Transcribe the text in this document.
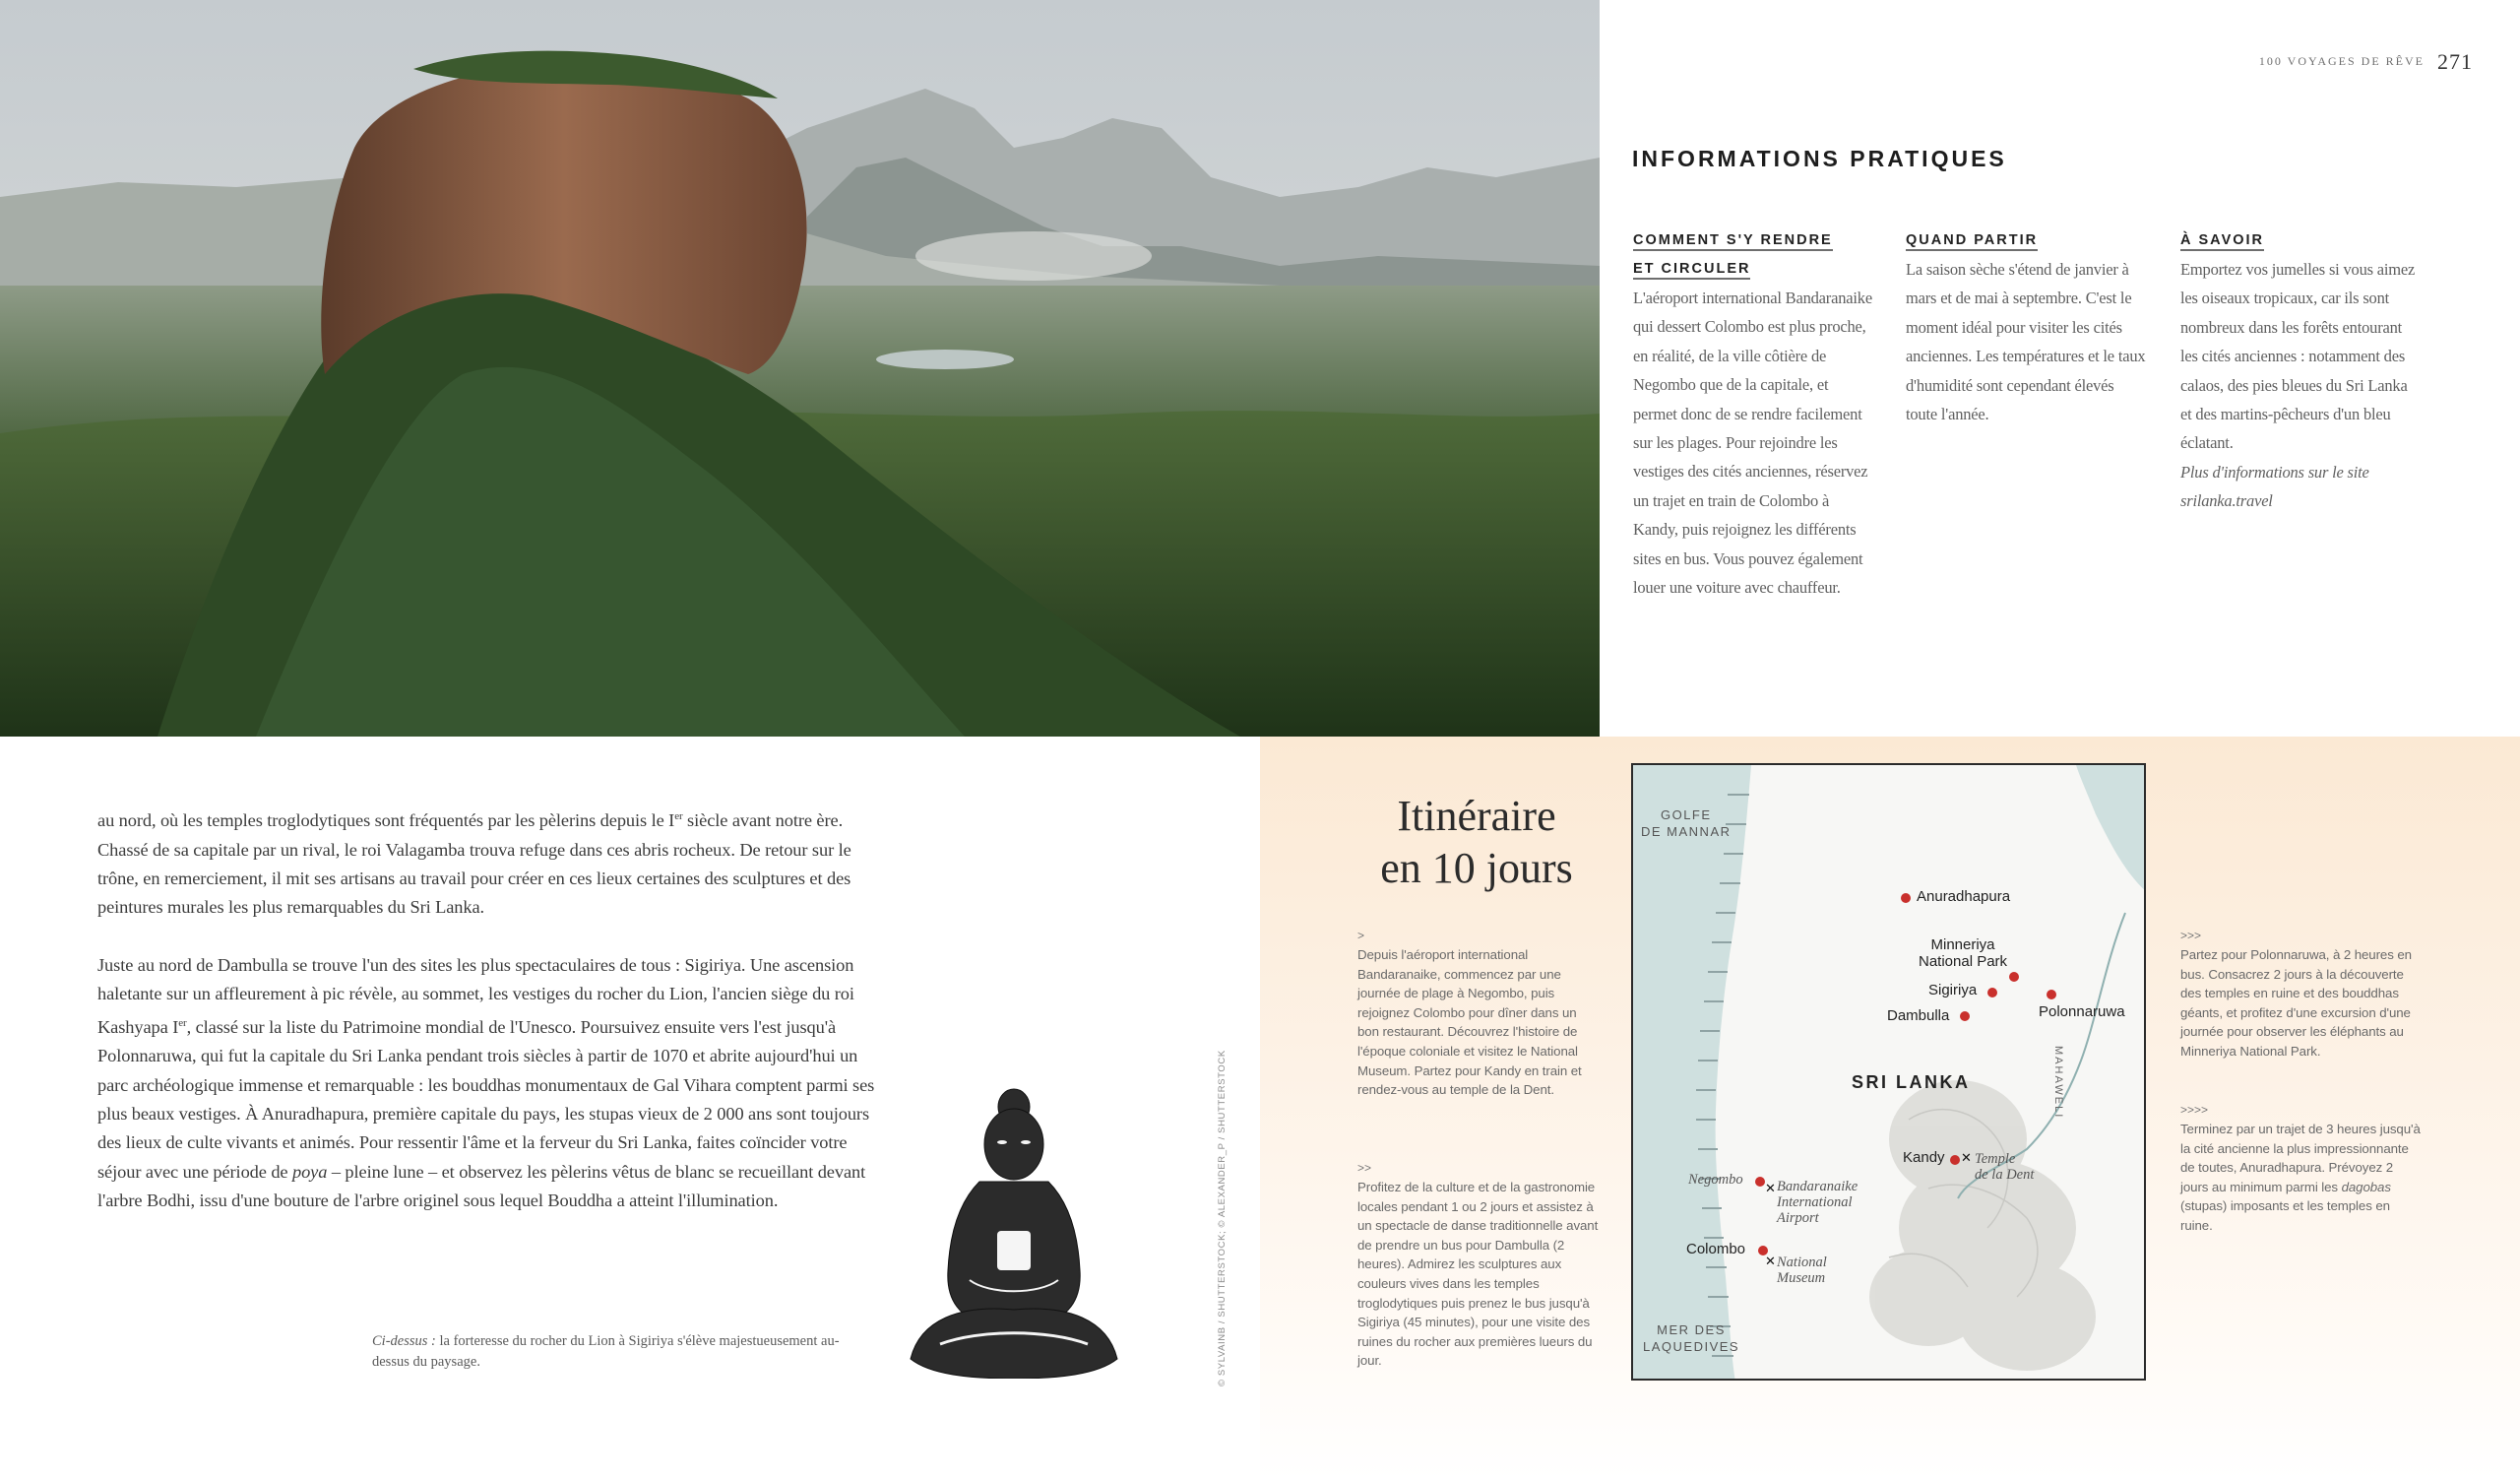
100 VOYAGES DE RÊVE 271
INFORMATIONS PRATIQUES
COMMENT S'Y RENDRE
ET CIRCULER
L'aéroport international Bandaranaike qui dessert Colombo est plus proche, en réalité, de la ville côtière de Negombo que de la capitale, et permet donc de se rendre facilement sur les plages. Pour rejoindre les vestiges des cités anciennes, réservez un trajet en train de Colombo à Kandy, puis rejoignez les différents sites en bus. Vous pouvez également louer une voiture avec chauffeur.
QUAND PARTIR
La saison sèche s'étend de janvier à mars et de mai à septembre. C'est le moment idéal pour visiter les cités anciennes. Les températures et le taux d'humidité sont cependant élevés toute l'année.
À SAVOIR
Emportez vos jumelles si vous aimez les oiseaux tropicaux, car ils sont nombreux dans les forêts entourant les cités anciennes : notamment des calaos, des pies bleues du Sri Lanka et des martins-pêcheurs d'un bleu éclatant.
Plus d'informations sur le site srilanka.travel

au nord, où les temples troglodytiques sont fréquentés par les pèlerins depuis le Ier siècle avant notre ère. Chassé de sa capitale par un rival, le roi Valagamba trouva refuge dans ces abris rocheux. De retour sur le trône, en remerciement, il mit ses artisans au travail pour créer en ces lieux certaines des sculptures et des peintures murales les plus remarquables du Sri Lanka.

Juste au nord de Dambulla se trouve l'un des sites les plus spectaculaires de tous : Sigiriya. Une ascension haletante sur un affleurement à pic révèle, au sommet, les vestiges du rocher du Lion, l'ancien siège du roi Kashyapa Ier, classé sur la liste du Patrimoine mondial de l'Unesco. Poursuivez ensuite vers l'est jusqu'à Polonnaruwa, qui fut la capitale du Sri Lanka pendant trois siècles à partir de 1070 et abrite aujourd'hui un parc archéologique immense et remarquable : les bouddhas monumentaux de Gal Vihara comptent parmi ses plus beaux vestiges. À Anuradhapura, première capitale du pays, les stupas vieux de 2 000 ans sont toujours des lieux de culte vivants et animés. Pour ressentir l'âme et la ferveur du Sri Lanka, faites coïncider votre séjour avec une période de poya – pleine lune – et observez les pèlerins vêtus de blanc se recueillant devant l'arbre Bodhi, issu d'une bouture de l'arbre originel sous lequel Bouddha a atteint l'illumination.

Ci-dessus : la forteresse du rocher du Lion à Sigiriya s'élève majestueusement au-dessus du paysage.	© SYLVAINB / SHUTTERSTOCK; © ALEXANDER_P / SHUTTERSTOCK
Itinéraire
en 10 jours
>
Depuis l'aéroport international Bandaranaike, commencez par une journée de plage à Negombo, puis rejoignez Colombo pour dîner dans un bon restaurant. Découvrez l'histoire de l'époque coloniale et visitez le National Museum. Partez pour Kandy en train et rendez-vous au temple de la Dent.
>>
Profitez de la culture et de la gastronomie locales pendant 1 ou 2 jours et assistez à un spectacle de danse traditionnelle avant de prendre un bus pour Dambulla (2 heures). Admirez les sculptures aux couleurs vives dans les temples troglodytiques puis prenez le bus jusqu'à Sigiriya (45 minutes), pour une visite des ruines du rocher aux premières lueurs du jour.
>>>
Partez pour Polonnaruwa, à 2 heures en bus. Consacrez 2 jours à la découverte des temples en ruine et des bouddhas géants, et profitez d'une excursion d'une journée pour observer les éléphants au Minneriya National Park.
>>>>
Terminez par un trajet de 3 heures jusqu'à la cité ancienne la plus impressionnante de toutes, Anuradhapura. Prévoyez 2 jours au minimum parmi les dagobas (stupas) imposants et les temples en ruine.
GOLFE
DE MANNAR
MER DES
LAQUEDIVES
SRI LANKA	MAHAWELI
Anuradhapura
Minneriya
National Park
Sigiriya
Dambulla	Polonnaruwa
Kandy ✕ Temple
de la Dent
Negombo
✕ Bandaranaike
International
Airport
Colombo
✕ National
Museum
